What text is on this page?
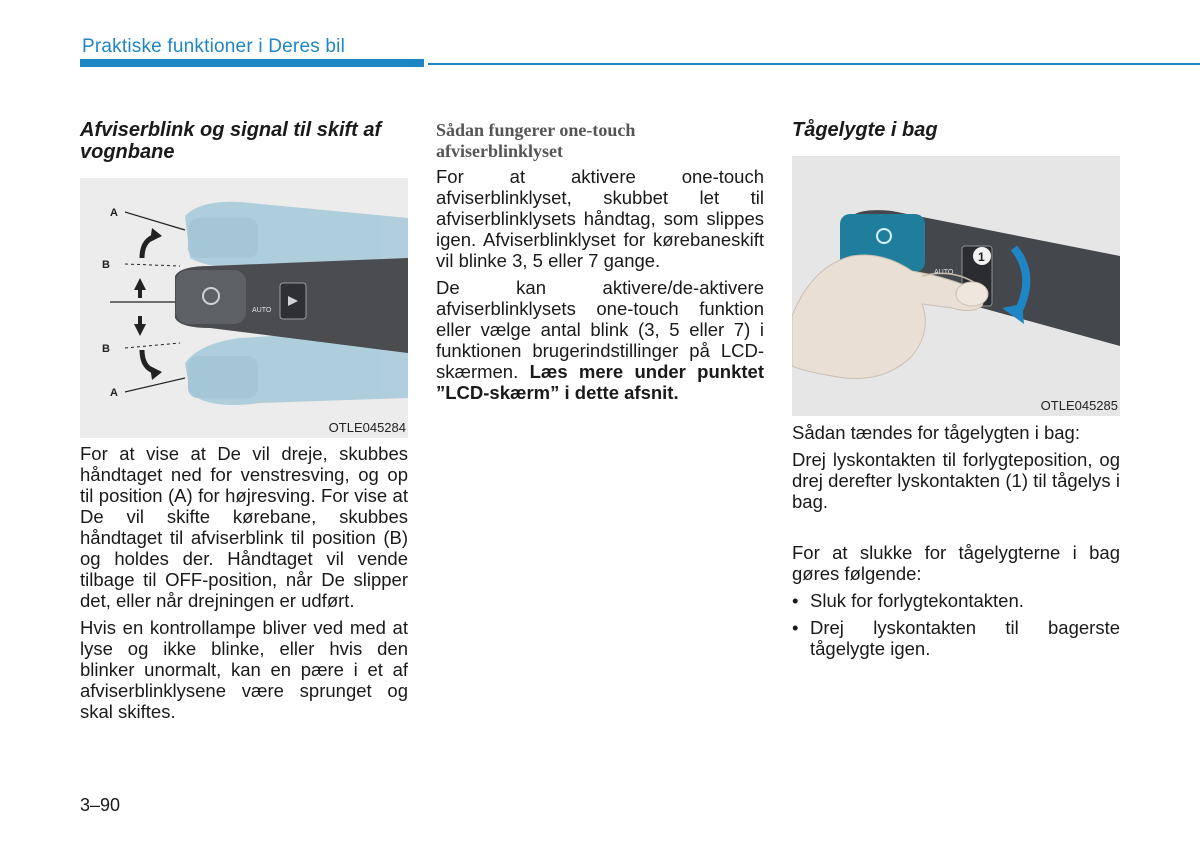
Praktiske funktioner i Deres bil
Afviserblink og signal til skift af vognbane
A
B
B
A
AUTO
OTLE045284

For at vise at De vil dreje, skubbes håndtaget ned for venstresving, og op til position (A) for højresving. For vise at De vil skifte kørebane, skubbes håndtaget til afviserblink til position (B) og holdes der. Håndtaget vil vende tilbage til OFF-position, når De slipper det, eller når drejningen er udført.

Hvis en kontrollampe bliver ved med at lyse og ikke blinke, eller hvis den blinker unormalt, kan en pære i et af afviserblinklysene være sprunget og skal skiftes.

Sådan fungerer one-touch afviserblinklyset

For at aktivere one-touch afviserblinklyset, skubbet let til afviserblinklysets håndtag, som slippes igen. Afviserblinklyset for kørebaneskift vil blinke 3, 5 eller 7 gange.

De kan aktivere/de-aktivere afviserblinklysets one-touch funktion eller vælge antal blink (3, 5 eller 7) i funktionen brugerindstillinger på LCD-skærmen. Læs mere under punktet ”LCD-skærm” i dette afsnit.

Tågelygte i bag
1
AUTO
OTLE045285

Sådan tændes for tågelygten i bag:

Drej lyskontakten til forlygteposition, og drej derefter lyskontakten (1) til tågelys i bag.

For at slukke for tågelygterne i bag gøres følgende:

• Sluk for forlygtekontakten.
• Drej lyskontakten til bagerste tågelygte igen.
3–90
